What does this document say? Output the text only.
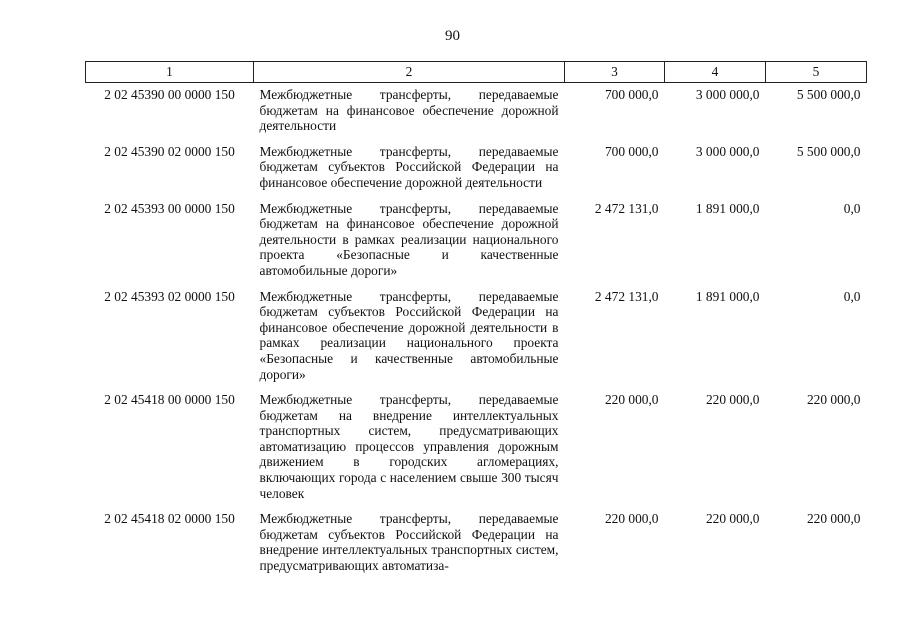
90
1	2	3	4	5
2 02 45390 00 0000 150	Межбюджетные трансферты, передаваемые бюджетам на финансовое обеспечение дорожной деятельности	700 000,0	3 000 000,0	5 500 000,0
2 02 45390 02 0000 150	Межбюджетные трансферты, передаваемые бюджетам субъектов Российской Федерации на финансовое обеспечение дорожной деятельности	700 000,0	3 000 000,0	5 500 000,0
2 02 45393 00 0000 150	Межбюджетные трансферты, передаваемые бюджетам на финансовое обеспечение дорожной деятельности в рамках реализации национального проекта «Безопасные и качественные автомобильные дороги»	2 472 131,0	1 891 000,0	0,0
2 02 45393 02 0000 150	Межбюджетные трансферты, передаваемые бюджетам субъектов Российской Федерации на финансовое обеспечение дорожной деятельности в рамках реализации национального проекта «Безопасные и качественные автомобильные дороги»	2 472 131,0	1 891 000,0	0,0
2 02 45418 00 0000 150	Межбюджетные трансферты, передаваемые бюджетам на внедрение интеллектуальных транспортных систем, предусматривающих автоматизацию процессов управления дорожным движением в городских агломерациях, включающих города с населением свыше 300 тысяч человек	220 000,0	220 000,0	220 000,0
2 02 45418 02 0000 150	Межбюджетные трансферты, передаваемые бюджетам субъектов Российской Федерации на внедрение интеллектуальных транспортных систем, предусматривающих автоматиза-	220 000,0	220 000,0	220 000,0
